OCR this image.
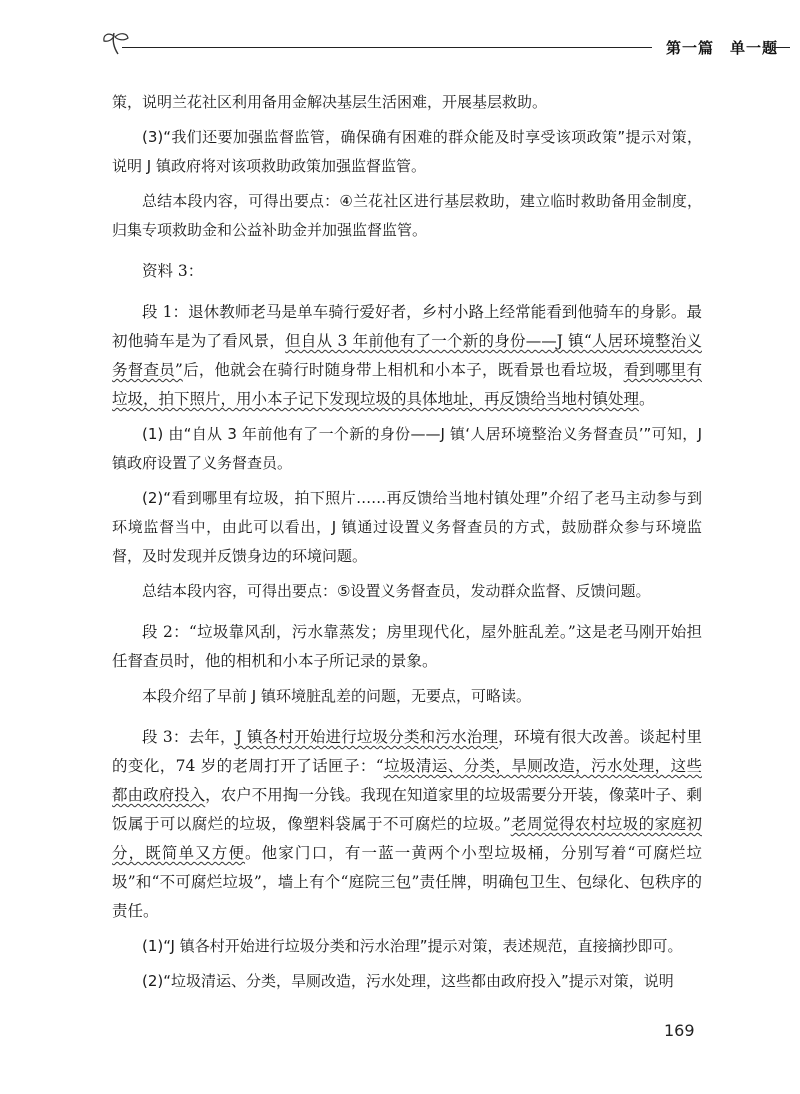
第一篇　单一题

策，说明兰花社区利用备用金解决基层生活困难，开展基层救助。

(3)“我们还要加强监督监管，确保确有困难的群众能及时享受该项政策”提示对策，说明 J 镇政府将对该项救助政策加强监督监管。

总结本段内容，可得出要点：④兰花社区进行基层救助，建立临时救助备用金制度，归集专项救助金和公益补助金并加强监督监管。

资料 3：

段 1：退休教师老马是单车骑行爱好者，乡村小路上经常能看到他骑车的身影。最初他骑车是为了看风景，但自从 3 年前他有了一个新的身份——J 镇“人居环境整治义务督查员”后，他就会在骑行时随身带上相机和小本子，既看景也看垃圾，看到哪里有垃圾，拍下照片，用小本子记下发现垃圾的具体地址，再反馈给当地村镇处理。

(1) 由“自从 3 年前他有了一个新的身份——J 镇‘人居环境整治义务督查员’”可知，J 镇政府设置了义务督查员。

(2)“看到哪里有垃圾，拍下照片……再反馈给当地村镇处理”介绍了老马主动参与到环境监督当中，由此可以看出，J 镇通过设置义务督查员的方式，鼓励群众参与环境监督，及时发现并反馈身边的环境问题。

总结本段内容，可得出要点：⑤设置义务督查员，发动群众监督、反馈问题。

段 2：“垃圾靠风刮，污水靠蒸发；房里现代化，屋外脏乱差。”这是老马刚开始担任督查员时，他的相机和小本子所记录的景象。

本段介绍了早前 J 镇环境脏乱差的问题，无要点，可略读。

段 3：去年，J 镇各村开始进行垃圾分类和污水治理，环境有很大改善。谈起村里的变化，74 岁的老周打开了话匣子：“垃圾清运、分类，旱厕改造，污水处理，这些都由政府投入，农户不用掏一分钱。我现在知道家里的垃圾需要分开装，像菜叶子、剩饭属于可以腐烂的垃圾，像塑料袋属于不可腐烂的垃圾。”老周觉得农村垃圾的家庭初分，既简单又方便。他家门口，有一蓝一黄两个小型垃圾桶，分别写着“可腐烂垃圾”和“不可腐烂垃圾”，墙上有个“庭院三包”责任牌，明确包卫生、包绿化、包秩序的责任。

(1)“J 镇各村开始进行垃圾分类和污水治理”提示对策，表述规范，直接摘抄即可。

(2)“垃圾清运、分类，旱厕改造，污水处理，这些都由政府投入”提示对策，说明

169
